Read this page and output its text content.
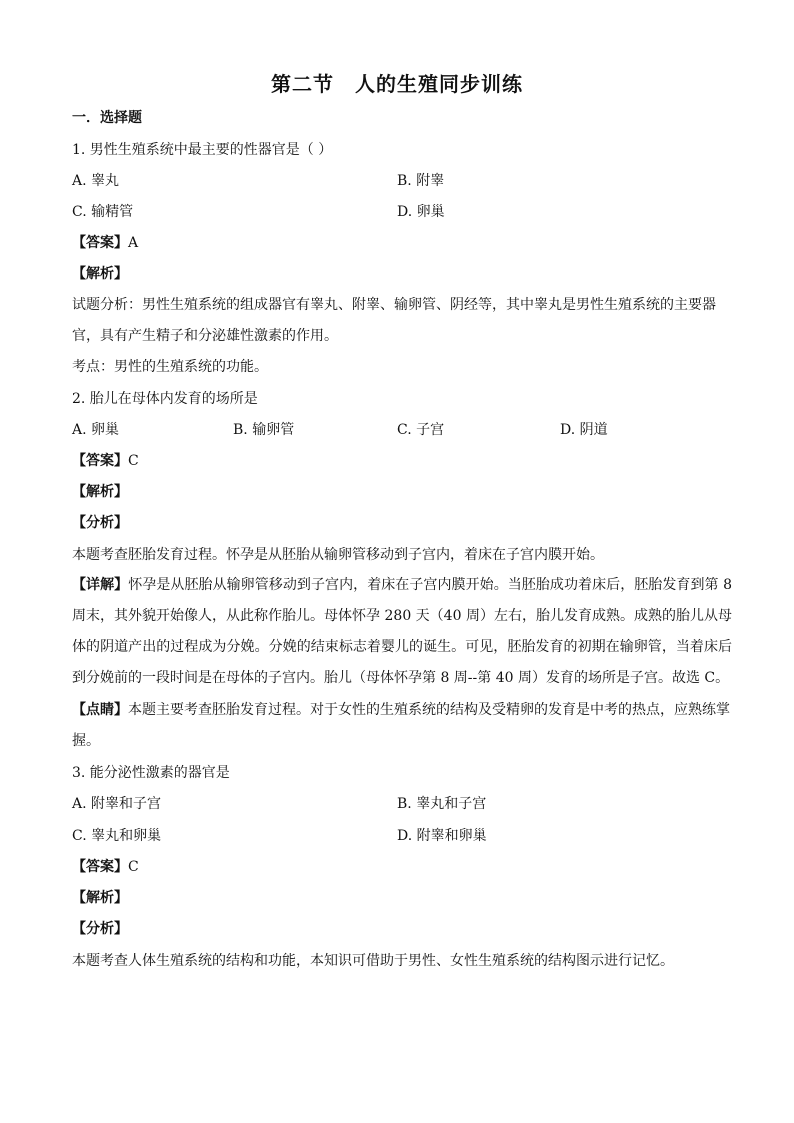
第二节　人的生殖同步训练
一．选择题
1. 男性生殖系统中最主要的性器官是（ ）
A. 睾丸	B. 附睾
C. 输精管	D. 卵巢
【答案】A
【解析】
试题分析：男性生殖系统的组成器官有睾丸、附睾、输卵管、阴经等，其中睾丸是男性生殖系统的主要器官，具有产生精子和分泌雄性激素的作用。
考点：男性的生殖系统的功能。
2. 胎儿在母体内发育的场所是
A. 卵巢	B. 输卵管	C. 子宫	D. 阴道
【答案】C
【解析】
【分析】
本题考查胚胎发育过程。怀孕是从胚胎从输卵管移动到子宫内，着床在子宫内膜开始。
【详解】怀孕是从胚胎从输卵管移动到子宫内，着床在子宫内膜开始。当胚胎成功着床后，胚胎发育到第 8 周末，其外貌开始像人，从此称作胎儿。母体怀孕 280 天（40 周）左右，胎儿发育成熟。成熟的胎儿从母体的阴道产出的过程成为分娩。分娩的结束标志着婴儿的诞生。可见，胚胎发育的初期在输卵管，当着床后到分娩前的一段时间是在母体的子宫内。胎儿（母体怀孕第 8 周--第 40 周）发育的场所是子宫。故选 C。
【点睛】本题主要考查胚胎发育过程。对于女性的生殖系统的结构及受精卵的发育是中考的热点，应熟练掌握。
3. 能分泌性激素的器官是
A. 附睾和子宫	B. 睾丸和子宫
C. 睾丸和卵巢	D. 附睾和卵巢
【答案】C
【解析】
【分析】
本题考查人体生殖系统的结构和功能，本知识可借助于男性、女性生殖系统的结构图示进行记忆。
